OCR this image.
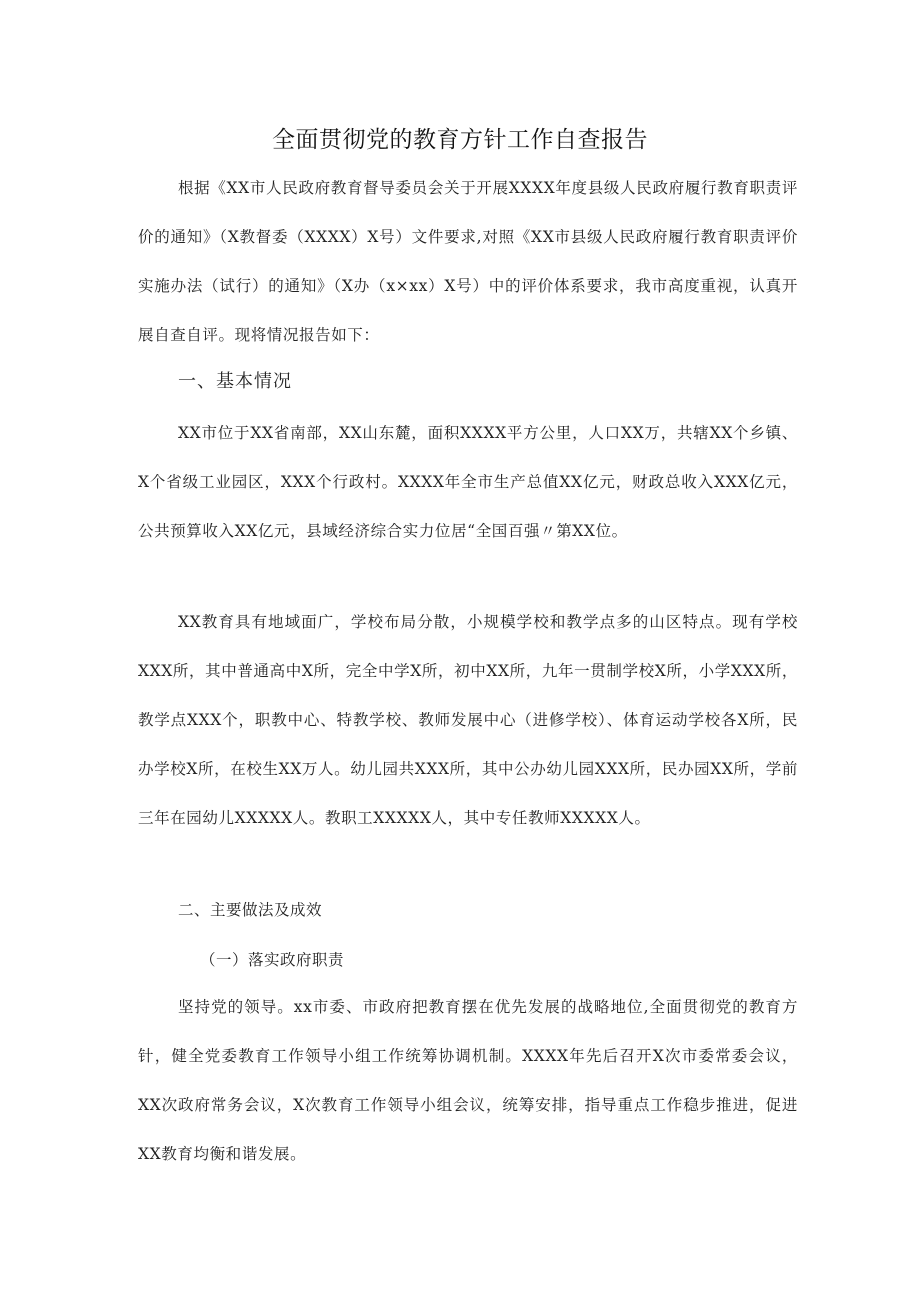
全面贯彻党的教育方针工作自查报告

根据《XX市人民政府教育督导委员会关于开展XXXX年度县级人民政府履行教育职责评价的通知》（X教督委（XXXX）X号）文件要求,对照《XX市县级人民政府履行教育职责评价实施办法（试行）的通知》（X办（x×xx）X号）中的评价体系要求，我市高度重视，认真开展自查自评。现将情况报告如下：

一、基本情况

XX市位于XX省南部，XX山东麓，面积XXXX平方公里，人口XX万，共辖XX个乡镇、X个省级工业园区，XXX个行政村。XXXX年全市生产总值XX亿元，财政总收入XXX亿元，公共预算收入XX亿元，县域经济综合实力位居“全国百强〃第XX位。

XX教育具有地域面广，学校布局分散，小规模学校和教学点多的山区特点。现有学校XXX所，其中普通高中X所，完全中学X所，初中XX所，九年一贯制学校X所，小学XXX所，教学点XXX个，职教中心、特教学校、教师发展中心（进修学校）、体育运动学校各X所，民办学校X所，在校生XX万人。幼儿园共XXX所，其中公办幼儿园XXX所，民办园XX所，学前三年在园幼儿XXXXX人。教职工XXXXX人，其中专任教师XXXXX人。

二、主要做法及成效
（一）落实政府职责

坚持党的领导。xx市委、市政府把教育摆在优先发展的战略地位,全面贯彻党的教育方针，健全党委教育工作领导小组工作统筹协调机制。XXXX年先后召开X次市委常委会议，XX次政府常务会议，X次教育工作领导小组会议，统筹安排，指导重点工作稳步推进，促进XX教育均衡和谐发展。
